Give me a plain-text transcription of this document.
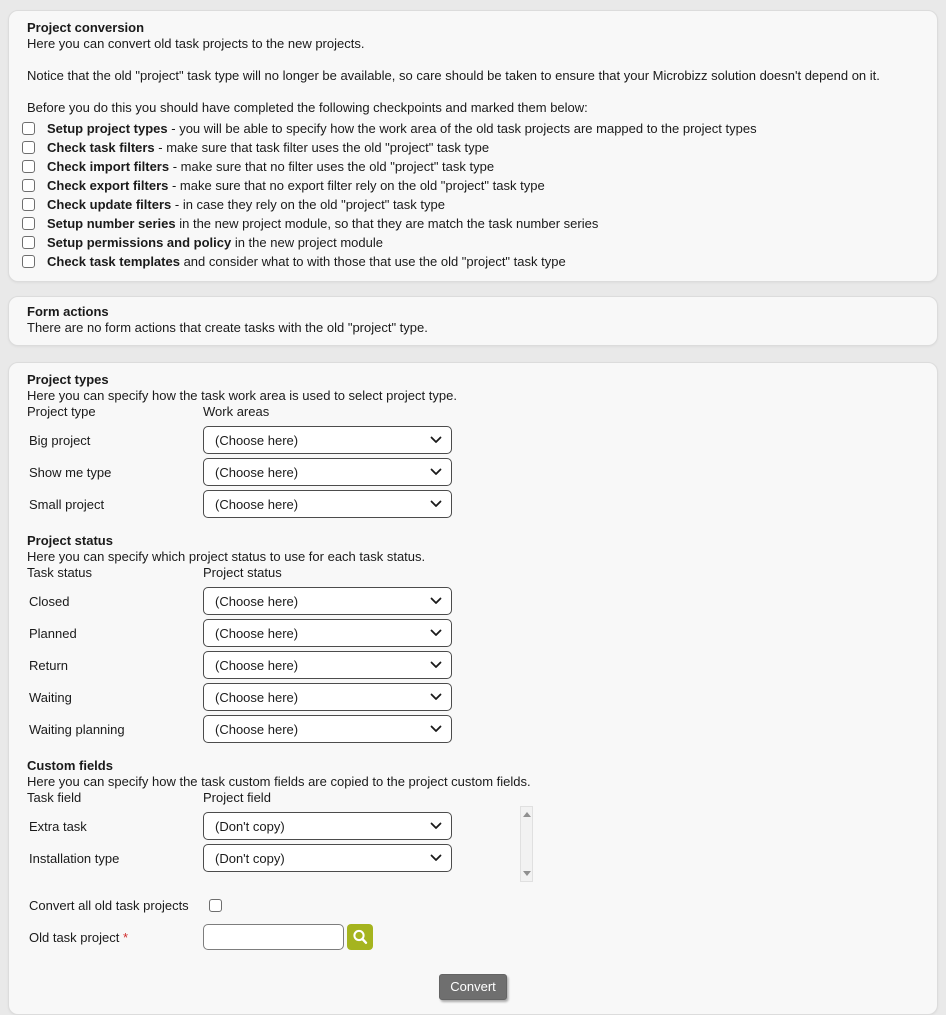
Project conversion
Here you can convert old task projects to the new projects.
Notice that the old "project" task type will no longer be available, so care should be taken to ensure that your Microbizz solution doesn't depend on it.
Before you do this you should have completed the following checkpoints and marked them below:
Setup project types - you will be able to specify how the work area of the old task projects are mapped to the project types
Check task filters - make sure that task filter uses the old "project" task type
Check import filters - make sure that no filter uses the old "project" task type
Check export filters - make sure that no export filter rely on the old "project" task type
Check update filters - in case they rely on the old "project" task type
Setup number series in the new project module, so that they are match the task number series
Setup permissions and policy in the new project module
Check task templates and consider what to with those that use the old "project" task type
Form actions
There are no form actions that create tasks with the old "project" type.
Project types
Here you can specify how the task work area is used to select project type.
Project type	Work areas
Big project	(Choose here)
Show me type	(Choose here)
Small project	(Choose here)
Project status
Here you can specify which project status to use for each task status.
Task status	Project status
Closed	(Choose here)
Planned	(Choose here)
Return	(Choose here)
Waiting	(Choose here)
Waiting planning	(Choose here)
Custom fields
Here you can specify how the task custom fields are copied to the project custom fields.
Task field	Project field
Extra task	(Don't copy)
Installation type	(Don't copy)
Convert all old task projects
Old task project *
Convert
